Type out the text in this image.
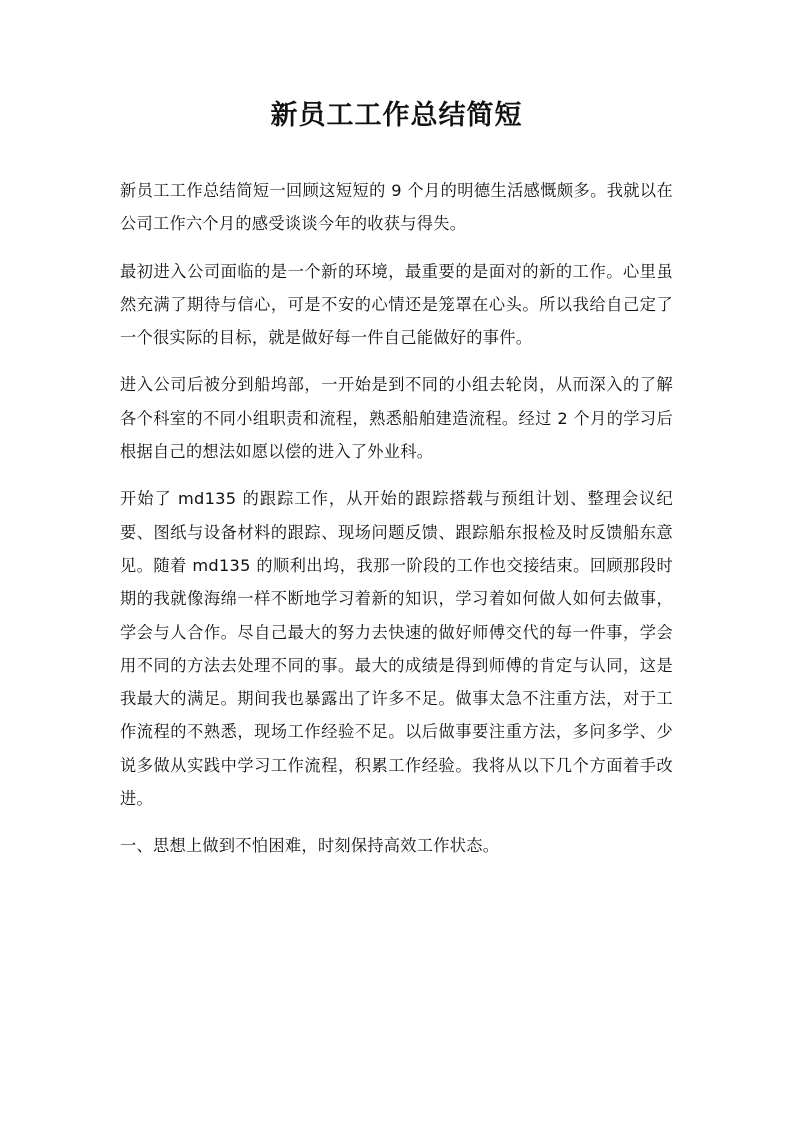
新员工工作总结简短

新员工工作总结简短一回顾这短短的 9 个月的明德生活感慨颇多。我就以在公司工作六个月的感受谈谈今年的收获与得失。

最初进入公司面临的是一个新的环境，最重要的是面对的新的工作。心里虽然充满了期待与信心，可是不安的心情还是笼罩在心头。所以我给自己定了一个很实际的目标，就是做好每一件自己能做好的事件。

进入公司后被分到船坞部，一开始是到不同的小组去轮岗，从而深入的了解各个科室的不同小组职责和流程，熟悉船舶建造流程。经过 2 个月的学习后根据自己的想法如愿以偿的进入了外业科。

开始了 md135 的跟踪工作，从开始的跟踪搭载与预组计划、整理会议纪要、图纸与设备材料的跟踪、现场问题反馈、跟踪船东报检及时反馈船东意见。随着 md135 的顺利出坞，我那一阶段的工作也交接结束。回顾那段时期的我就像海绵一样不断地学习着新的知识，学习着如何做人如何去做事，学会与人合作。尽自己最大的努力去快速的做好师傅交代的每一件事，学会用不同的方法去处理不同的事。最大的成绩是得到师傅的肯定与认同，这是我最大的满足。期间我也暴露出了许多不足。做事太急不注重方法，对于工作流程的不熟悉，现场工作经验不足。以后做事要注重方法，多问多学、少说多做从实践中学习工作流程，积累工作经验。我将从以下几个方面着手改进。

一、思想上做到不怕困难，时刻保持高效工作状态。
